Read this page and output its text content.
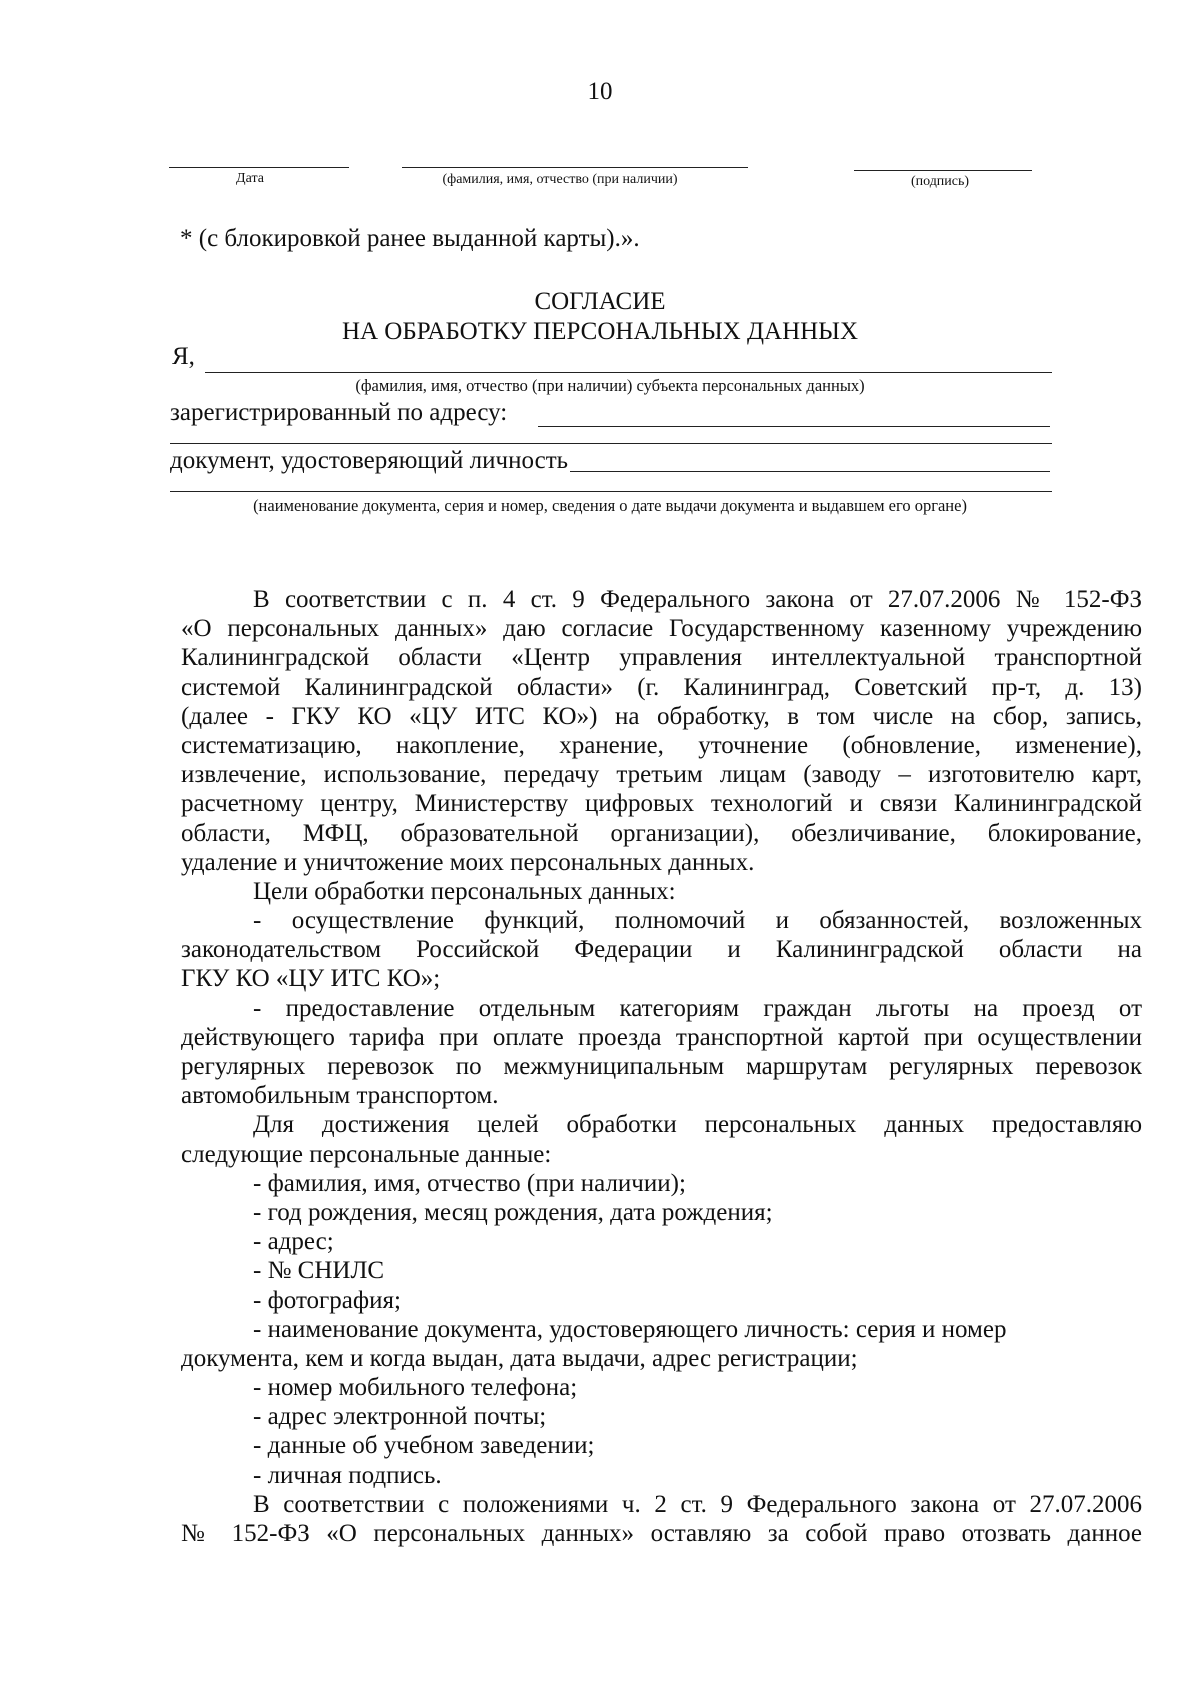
10
Дата	(фамилия, имя, отчество (при наличии)	(подпись)
* (с блокировкой ранее выданной карты).».
СОГЛАСИЕ
НА ОБРАБОТКУ ПЕРСОНАЛЬНЫХ ДАННЫХ
Я,
(фамилия, имя, отчество (при наличии) субъекта персональных данных)
зарегистрированный по адресу:
документ, удостоверяющий личность
(наименование документа, серия и номер, сведения о дате выдачи документа и выдавшем его органе)
В соответствии с п. 4 ст. 9 Федерального закона от 27.07.2006 № 152-ФЗ
«О персональных данных» даю согласие Государственному казенному учреждению
Калининградской области «Центр управления интеллектуальной транспортной
системой Калининградской области» (г. Калининград, Советский пр-т, д. 13)
(далее - ГКУ КО «ЦУ ИТС КО») на обработку, в том числе на сбор, запись,
систематизацию, накопление, хранение, уточнение (обновление, изменение),
извлечение, использование, передачу третьим лицам (заводу – изготовителю карт,
расчетному центру, Министерству цифровых технологий и связи Калининградской
области, МФЦ, образовательной организации), обезличивание, блокирование,
удаление и уничтожение моих персональных данных.
Цели обработки персональных данных:
- осуществление функций, полномочий и обязанностей, возложенных
законодательством Российской Федерации и Калининградской области на
ГКУ КО «ЦУ ИТС КО»;
- предоставление отдельным категориям граждан льготы на проезд от
действующего тарифа при оплате проезда транспортной картой при осуществлении
регулярных перевозок по межмуниципальным маршрутам регулярных перевозок
автомобильным транспортом.
Для достижения целей обработки персональных данных предоставляю
следующие персональные данные:
- фамилия, имя, отчество (при наличии);
- год рождения, месяц рождения, дата рождения;
- адрес;
- № СНИЛС
- фотография;
- наименование документа, удостоверяющего личность: серия и номер
документа, кем и когда выдан, дата выдачи, адрес регистрации;
- номер мобильного телефона;
- адрес электронной почты;
- данные об учебном заведении;
- личная подпись.
В соответствии с положениями ч. 2 ст. 9 Федерального закона от 27.07.2006
№ 152-ФЗ «О персональных данных» оставляю за собой право отозвать данное
